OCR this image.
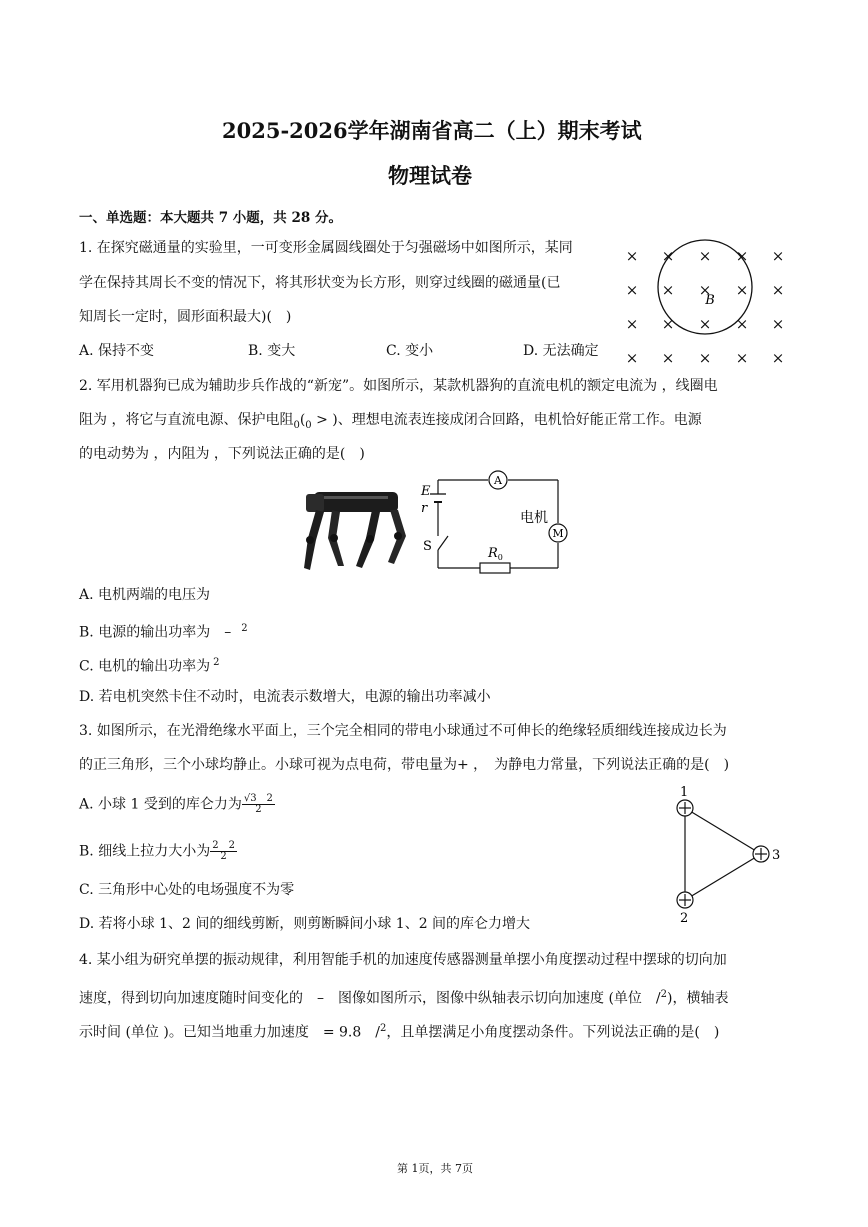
2025-2026学年湖南省高二（上）期末考试
物理试卷
一、单选题：本大题共 7 小题，共 28 分。
1. 在探究磁通量的实验里，一可变形金属圆线圈处于匀强磁场中如图所示，某同
学在保持其周长不变的情况下，将其形状变为长方形，则穿过线圈的磁通量(已
知周长一定时，圆形面积最大)(　)
A. 保持不变	B. 变大	C. 变小	D. 无法确定
× × × × ×
× × × × ×
× × × × ×
× × × × ×
B
2. 军用机器狗已成为辅助步兵作战的“新宠”。如图所示，某款机器狗的直流电机的额定电流为 ，线圈电
阻为 ，将它与直流电源、保护电阻$_0(_0$ > )、理想电流表连接成闭合回路，电机恰好能正常工作。电源
的电动势为 ，内阻为 ，下列说法正确的是(　)
A
M
E
r
S	$R_0$
电机
A. 电机两端的电压为
B. 电源的输出功率为　– $^2$
C. 电机的输出功率为 $^2$
D. 若电机突然卡住不动时，电流表示数增大，电源的输出功率减小
3. 如图所示，在光滑绝缘水平面上，三个完全相同的带电小球通过不可伸长的绝缘轻质细线连接成边长为
的正三角形，三个小球均静止。小球可视为点电荷，带电量为+ ，　为静电力常量，下列说法正确的是(　)
A. 小球 1 受到的库仑力为 $\frac{√3 2}{2}$
B. 细线上拉力大小为 $\frac{2 2}{2}$
C. 三角形中心处的电场强度不为零
D. 若将小球 1、2 间的细线剪断，则剪断瞬间小球 1、2 间的库仑力增大
1
2
3
4. 某小组为研究单摆的振动规律，利用智能手机的加速度传感器测量单摆小角度摆动过程中摆球的切向加
速度，得到切向加速度随时间变化的　–　图像如图所示，图像中纵轴表示切向加速度 (单位　/$^2$)，横轴表
示时间 (单位 )。已知当地重力加速度　= 9.8　/$^2$，且单摆满足小角度摆动条件。下列说法正确的是(　)
第 1页，共 7页
